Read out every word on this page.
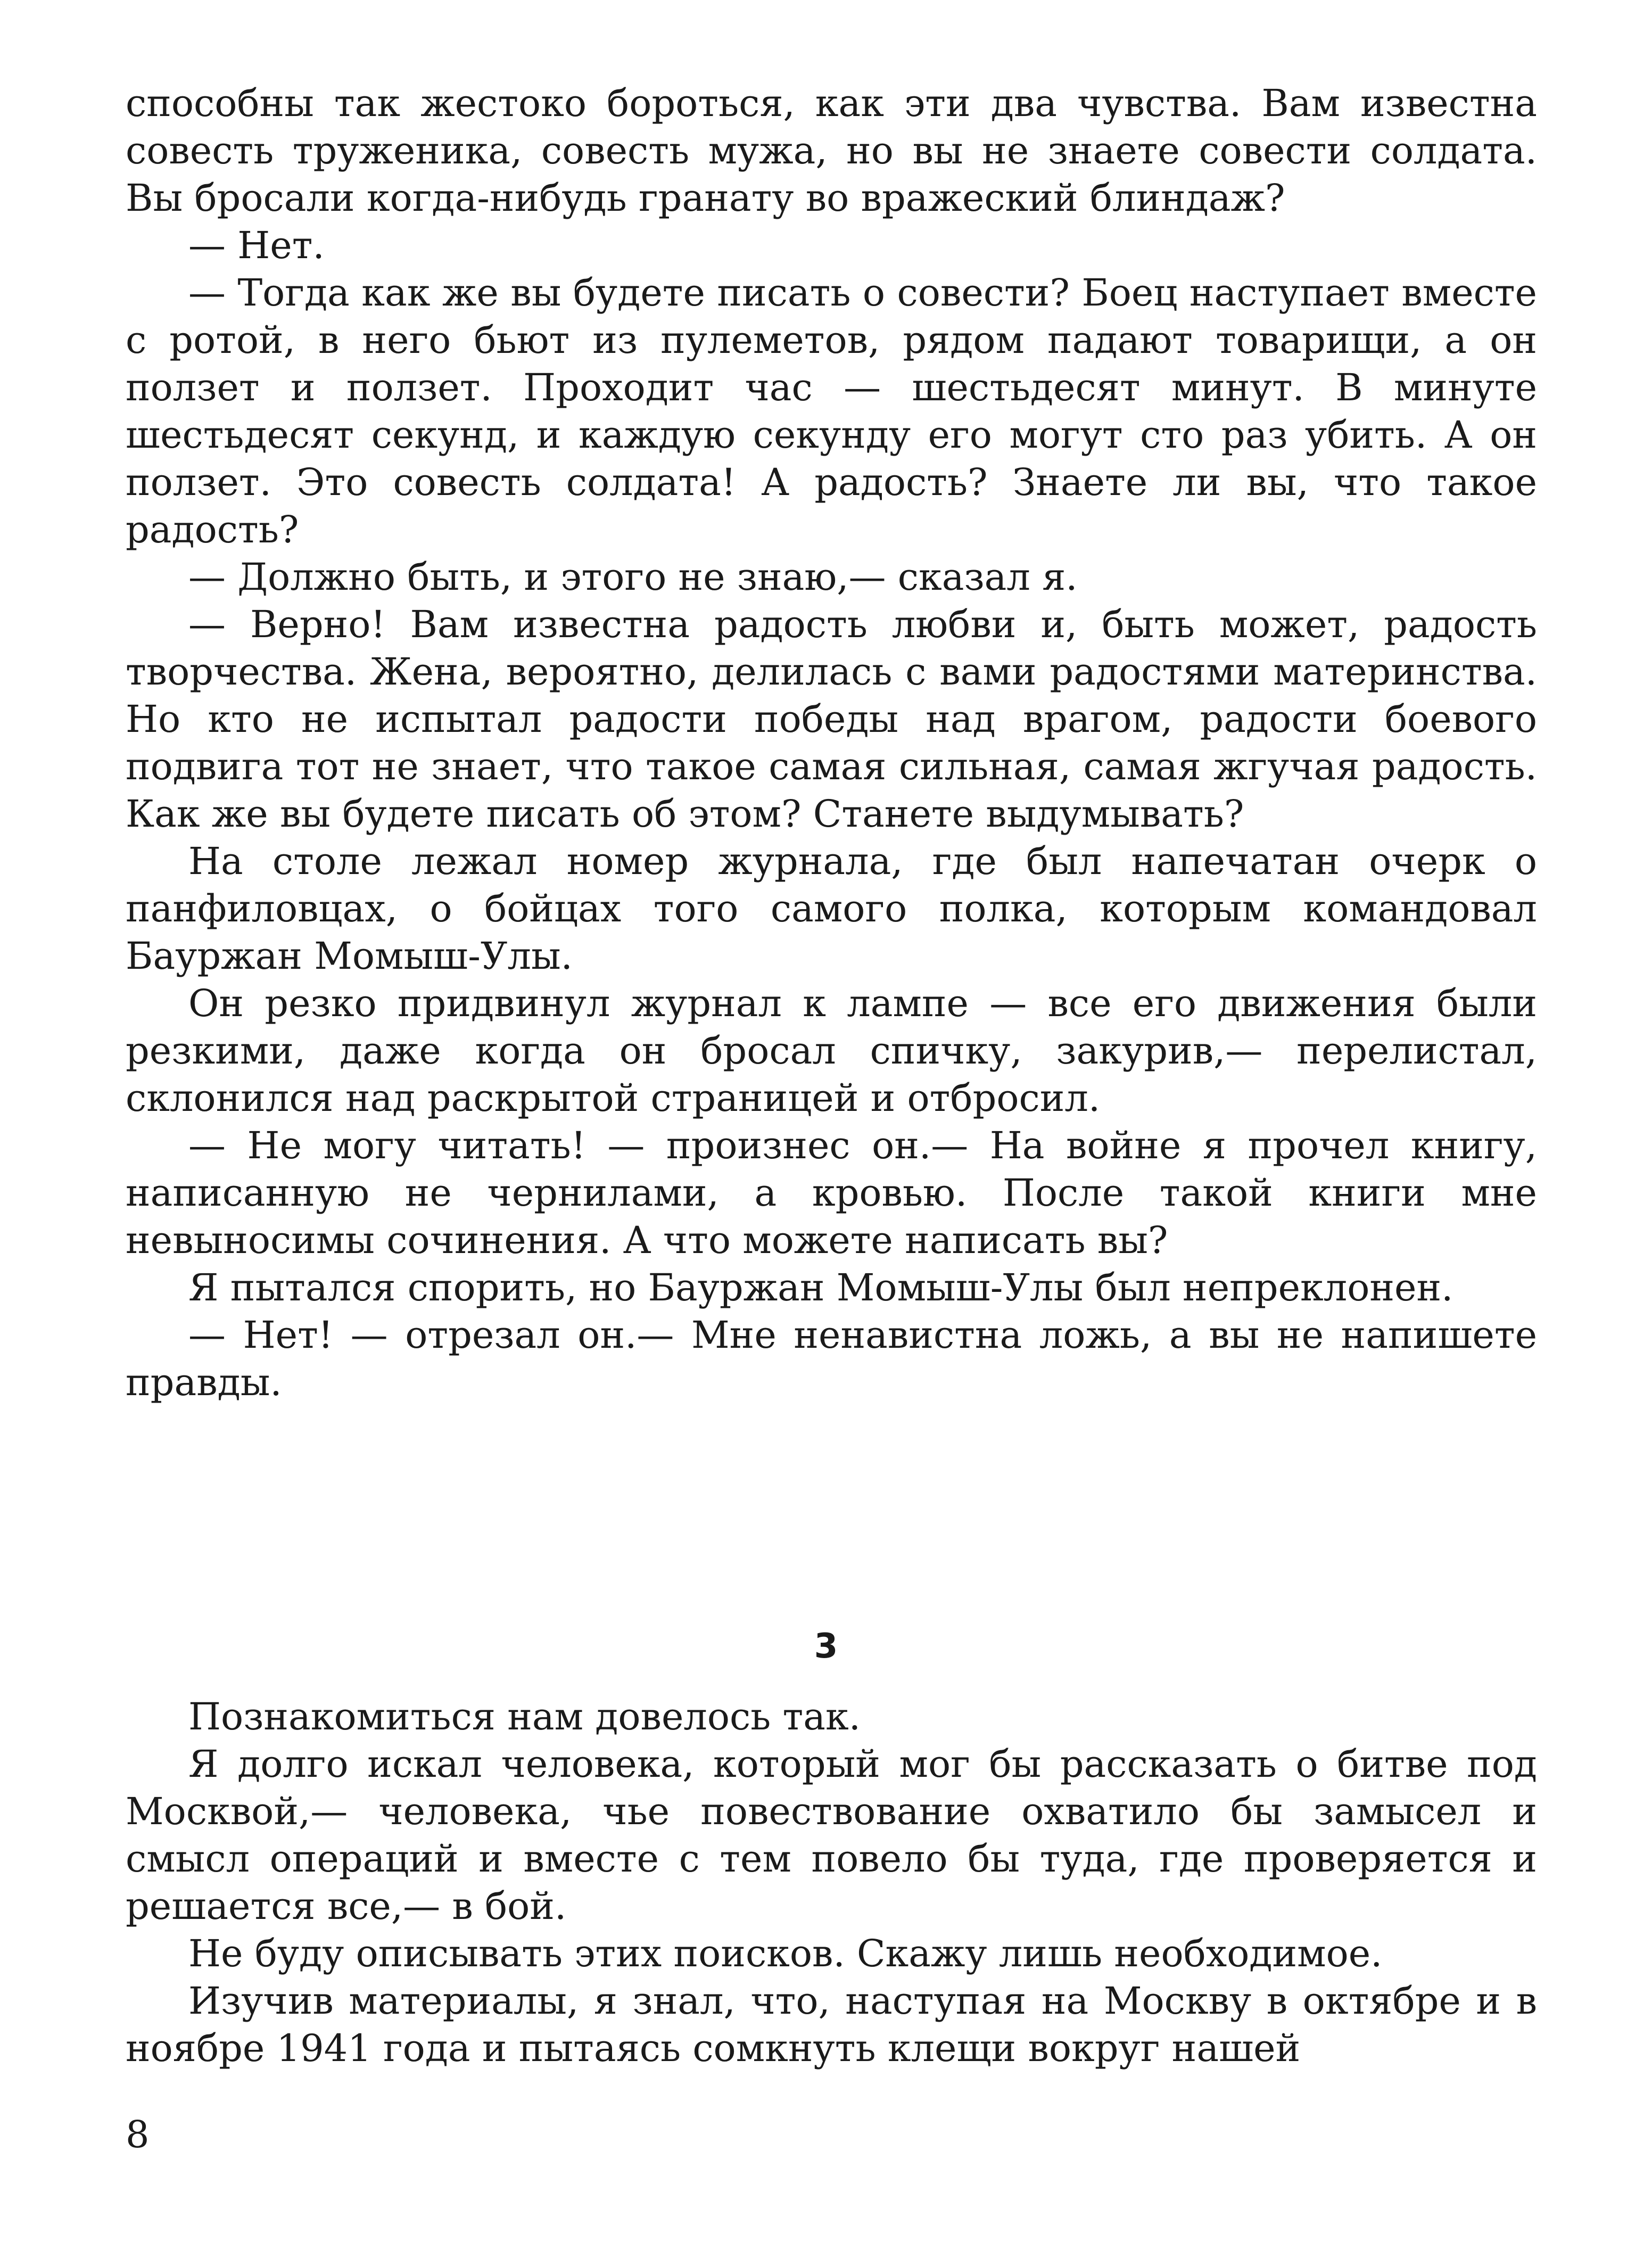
способны так жестоко бороться, как эти два чувства. Вам известна совесть труженика, совесть мужа, но вы не знаете совести солдата. Вы бросали когда-нибудь гранату во вражеский блиндаж?

— Нет.

— Тогда как же вы будете писать о совести? Боец наступает вместе с ротой, в него бьют из пулеметов, рядом падают товарищи, а он ползет и ползет. Проходит час — шестьдесят минут. В минуте шестьдесят секунд, и каждую секунду его могут сто раз убить. А он ползет. Это совесть солдата! А радость? Знаете ли вы, что такое радость?

— Должно быть, и этого не знаю,— сказал я.

— Верно! Вам известна радость любви и, быть может, радость творчества. Жена, вероятно, делилась с вами радостями материнства. Но кто не испытал радости победы над врагом, радости боевого подвига тот не знает, что такое самая сильная, самая жгучая радость. Как же вы будете писать об этом? Станете выдумывать?

На столе лежал номер журнала, где был напечатан очерк о панфиловцах, о бойцах того самого полка, которым командовал Бауржан Момыш-Улы.

Он резко придвинул журнал к лампе — все его движения были резкими, даже когда он бросал спичку, закурив,— перелистал, склонился над раскрытой страницей и отбросил.

— Не могу читать! — произнес он.— На войне я прочел книгу, написанную не чернилами, а кровью. После такой книги мне невыносимы сочинения. А что можете написать вы?

Я пытался спорить, но Бауржан Момыш-Улы был непреклонен.

— Нет! — отрезал он.— Мне ненавистна ложь, а вы не напишете правды.

3

Познакомиться нам довелось так.

Я долго искал человека, который мог бы рассказать о битве под Москвой,— человека, чье повествование охватило бы замысел и смысл операций и вместе с тем повело бы туда, где проверяется и решается все,— в бой.

Не буду описывать этих поисков. Скажу лишь необходимое.

Изучив материалы, я знал, что, наступая на Москву в октябре и в ноябре 1941 года и пытаясь сомкнуть клещи вокруг нашей

8
